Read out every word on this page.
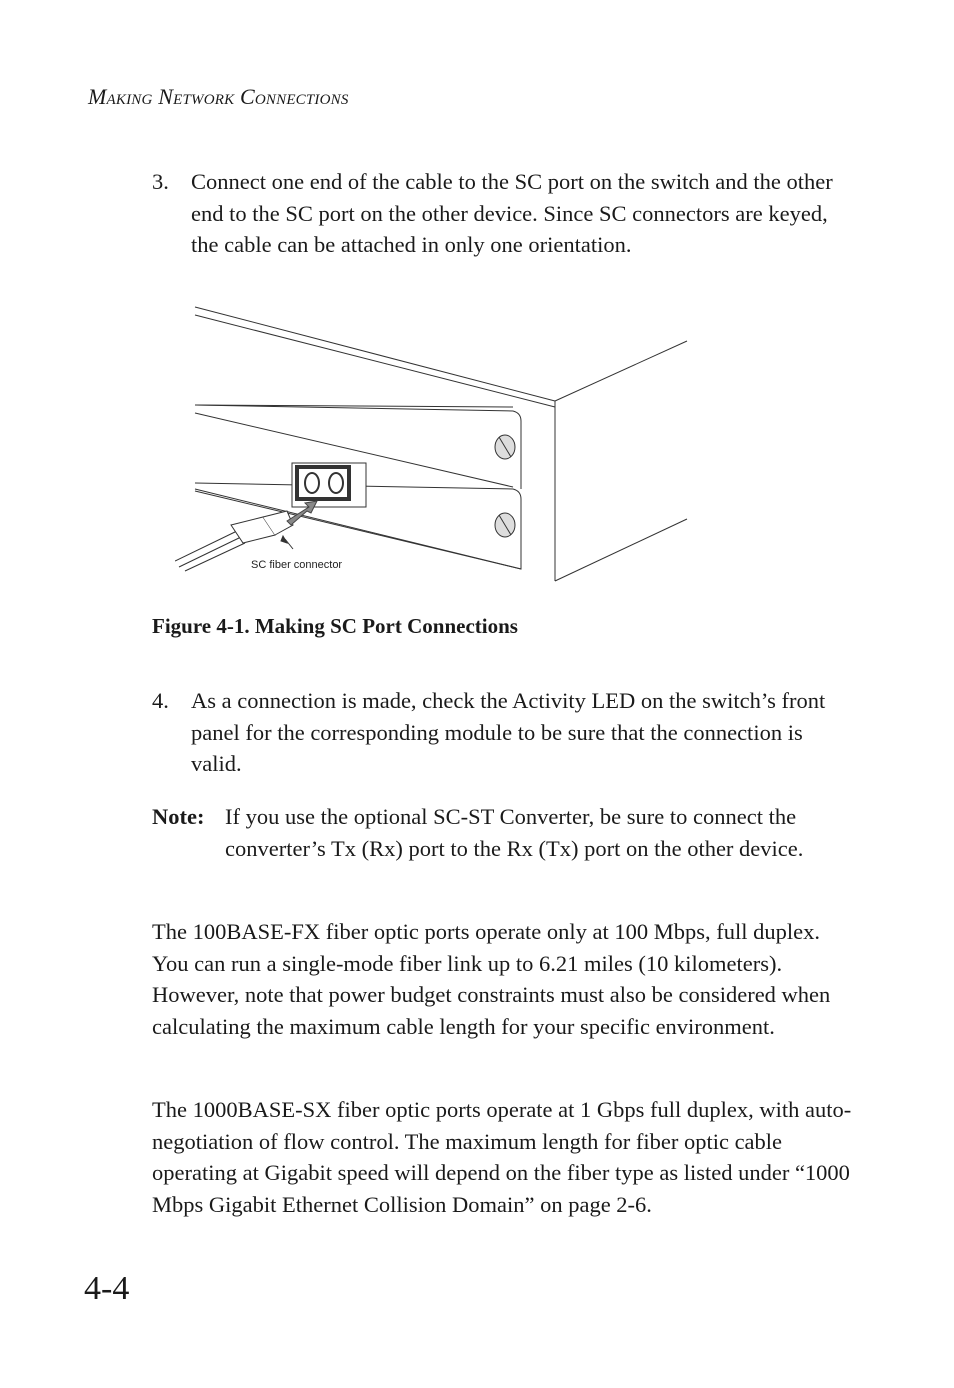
Making Network Connections
3. Connect one end of the cable to the SC port on the switch and the other end to the SC port on the other device. Since SC connectors are keyed, the cable can be attached in only one orientation.
SC fiber connector
Figure 4-1. Making SC Port Connections
4. As a connection is made, check the Activity LED on the switch’s front panel for the corresponding module to be sure that the connection is valid.
Note: If you use the optional SC-ST Converter, be sure to connect the converter’s Tx (Rx) port to the Rx (Tx) port on the other device.
The 100BASE-FX fiber optic ports operate only at 100 Mbps, full duplex. You can run a single-mode fiber link up to 6.21 miles (10 kilometers). However, note that power budget constraints must also be considered when calculating the maximum cable length for your specific environment.
The 1000BASE-SX fiber optic ports operate at 1 Gbps full duplex, with auto-negotiation of flow control. The maximum length for fiber optic cable operating at Gigabit speed will depend on the fiber type as listed under “1000 Mbps Gigabit Ethernet Collision Domain” on page 2-6.
4-4
